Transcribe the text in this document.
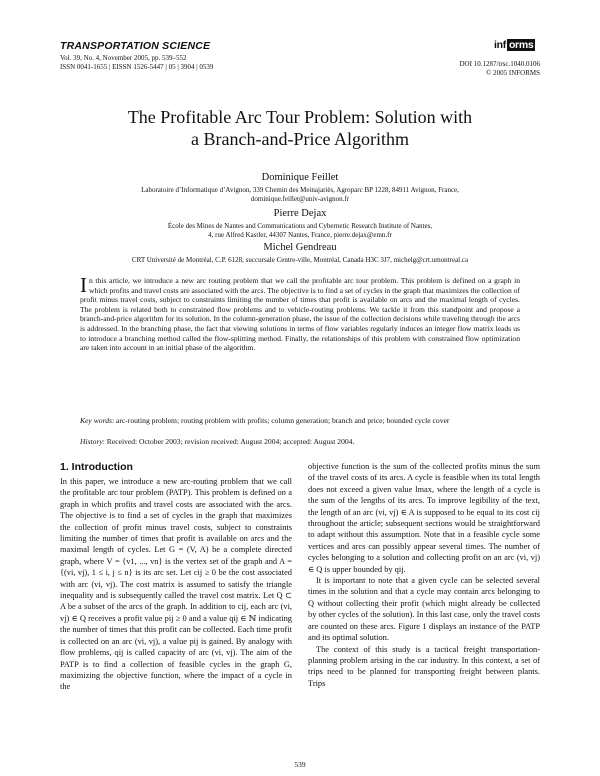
TRANSPORTATION SCIENCE
Vol. 39, No. 4, November 2005, pp. 539–552
ISSN 0041-1655 | EISSN 1526-5447 | 05 | 3904 | 0539
inf orms
DOI 10.1287/trsc.1040.0106
© 2005 INFORMS
The Profitable Arc Tour Problem: Solution with
a Branch-and-Price Algorithm
Dominique Feillet
Laboratoire d’Informatique d’Avignon, 339 Chemin des Meinajariès, Agroparc BP 1228, 84911 Avignon, France,
dominique.feillet@univ-avignon.fr
Pierre Dejax
École des Mines de Nantes and Communications and Cybernetic Research Institute of Nantes,
4, rue Alfred Kastler, 44307 Nantes, France, pierre.dejax@emn.fr
Michel Gendreau
CRT Université de Montréal, C.P. 6128, succursale Centre-ville, Montréal, Canada H3C 3J7, michelg@crt.umontreal.ca
In this article, we introduce a new arc routing problem that we call the profitable arc tour problem. This problem is defined on a graph in which profits and travel costs are associated with the arcs. The objective is to find a set of cycles in the graph that maximizes the collection of profit minus travel costs, subject to constraints limiting the number of times that profit is available on arcs and the maximal length of cycles. The problem is related both to constrained flow problems and to vehicle-routing problems. We tackle it from this standpoint and propose a branch-and-price algorithm for its solution. In the column-generation phase, the issue of the collection decisions while traveling through the arcs is addressed. In the branching phase, the fact that viewing solutions in terms of flow variables regularly induces an integer flow matrix leads us to introduce a branching method called the flow-splitting method. Finally, the relationships of this problem with constrained flow optimization are taken into account in an initial phase of the algorithm.
Key words: arc-routing problem; routing problem with profits; column generation; branch and price; bounded cycle cover
History: Received: October 2003; revision received: August 2004; accepted: August 2004.
1. Introduction

In this paper, we introduce a new arc-routing problem that we call the profitable arc tour problem (PATP). This problem is defined on a graph in which profits and travel costs are associated with the arcs. The objective is to find a set of cycles in the graph that maximizes the collection of profit minus travel costs, subject to constraints limiting the number of times that profit is available on arcs and the maximal length of cycles. Let G = (V, A) be a complete directed graph, where V = {v1, ..., vn} is the vertex set of the graph and A = {(vi, vj), 1 ≤ i, j ≤ n} is its arc set. Let cij ≥ 0 be the cost associated with arc (vi, vj). The cost matrix is assumed to satisfy the triangle inequality and is subsequently called the travel cost matrix. Let Q ⊂ A be a subset of the arcs of the graph. In addition to cij, each arc (vi, vj) ∈ Q receives a profit value pij ≥ 0 and a value qij ∈ ℕ indicating the number of times that this profit can be collected. Each time profit is collected on an arc (vi, vj), a value pij is gained. By analogy with flow problems, qij is called capacity of arc (vi, vj). The aim of the PATP is to find a collection of feasible cycles in the graph G, maximizing the objective function, where the impact of a cycle in the

objective function is the sum of the collected profits minus the sum of the travel costs of its arcs. A cycle is feasible when its total length does not exceed a given value lmax, where the length of a cycle is the sum of the lengths of its arcs. To improve legibility of the text, the length of an arc (vi, vj) ∈ A is supposed to be equal to its cost cij throughout the article; subsequent sections would be straightforward to adapt without this assumption. Note that in a feasible cycle some vertices and arcs can possibly appear several times. The number of cycles belonging to a solution and collecting profit on an arc (vi, vj) ∈ Q is upper bounded by qij.

It is important to note that a given cycle can be selected several times in the solution and that a cycle may contain arcs belonging to Q without collecting their profit (which might already be collected by other cycles of the solution). In this last case, only the travel costs are counted on these arcs. Figure 1 displays an instance of the PATP and its optimal solution.

The context of this study is a tactical freight transportation-planning problem arising in the car industry. In this context, a set of trips need to be planned for transporting freight between plants. Trips

539
